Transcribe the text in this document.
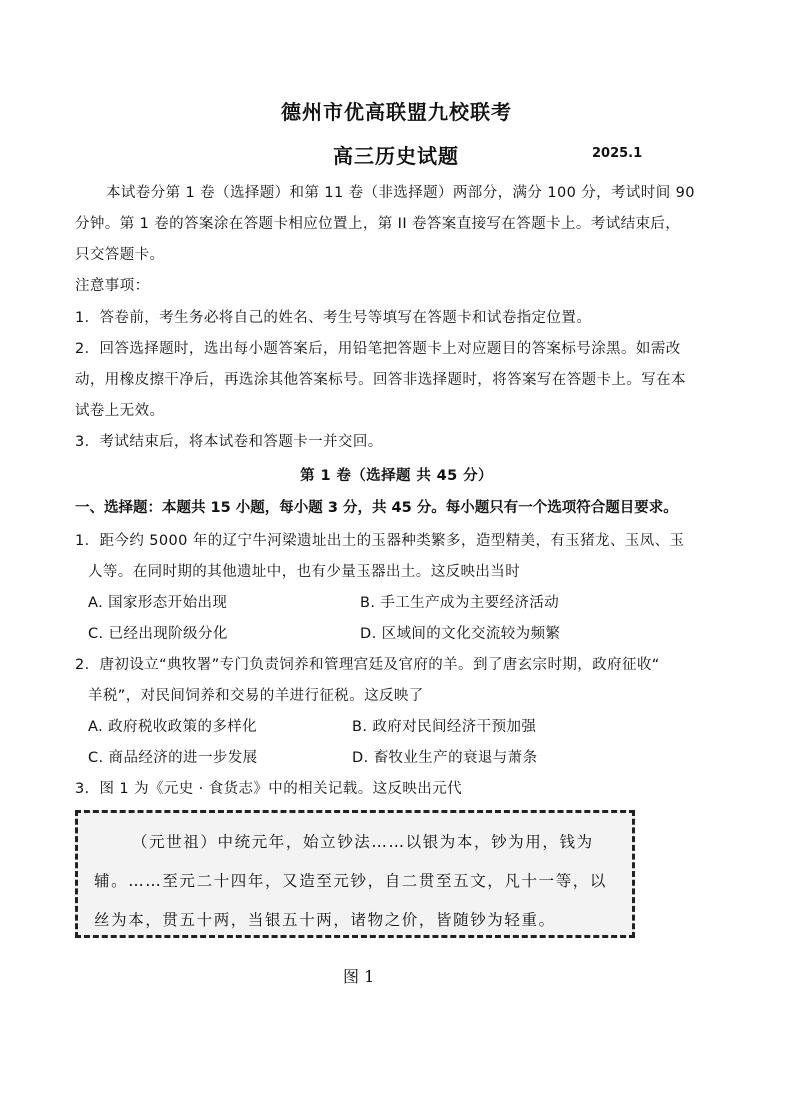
德州市优高联盟九校联考
高三历史试题	2025.1
本试卷分第 1 卷（选择题）和第 11 卷（非选择题）两部分，满分 100 分，考试时间 90
分钟。第 1 卷的答案涂在答题卡相应位置上，第 II 卷答案直接写在答题卡上。考试结束后，
只交答题卡。
注意事项：
1．答卷前，考生务必将自己的姓名、考生号等填写在答题卡和试卷指定位置。
2．回答选择题时，选出每小题答案后，用铅笔把答题卡上对应题目的答案标号涂黑。如需改
动，用橡皮擦干净后，再选涂其他答案标号。回答非选择题时，将答案写在答题卡上。写在本
试卷上无效。
3．考试结束后，将本试卷和答题卡一并交回。
第 1 卷（选择题 共 45 分）
一、选择题：本题共 15 小题，每小题 3 分，共 45 分。每小题只有一个选项符合题目要求。
1．距今约 5000 年的辽宁牛河梁遗址出土的玉器种类繁多，造型精美，有玉猪龙、玉凤、玉
人等。在同时期的其他遗址中，也有少量玉器出土。这反映出当时
A. 国家形态开始出现	B. 手工生产成为主要经济活动
C. 已经出现阶级分化	D. 区域间的文化交流较为频繁
2．唐初设立“典牧署”专门负责饲养和管理宫廷及官府的羊。到了唐玄宗时期，政府征收“
羊税”，对民间饲养和交易的羊进行征税。这反映了
A. 政府税收政策的多样化	B. 政府对民间经济干预加强
C. 商品经济的进一步发展	D. 畜牧业生产的衰退与萧条
3．图 1 为《元史 · 食货志》中的相关记载。这反映出元代
（元世祖）中统元年，始立钞法……以银为本，钞为用，钱为
辅。……至元二十四年，又造至元钞，自二贯至五文，凡十一等，以
丝为本，贯五十两，当银五十两，诸物之价，皆随钞为轻重。
图 1
